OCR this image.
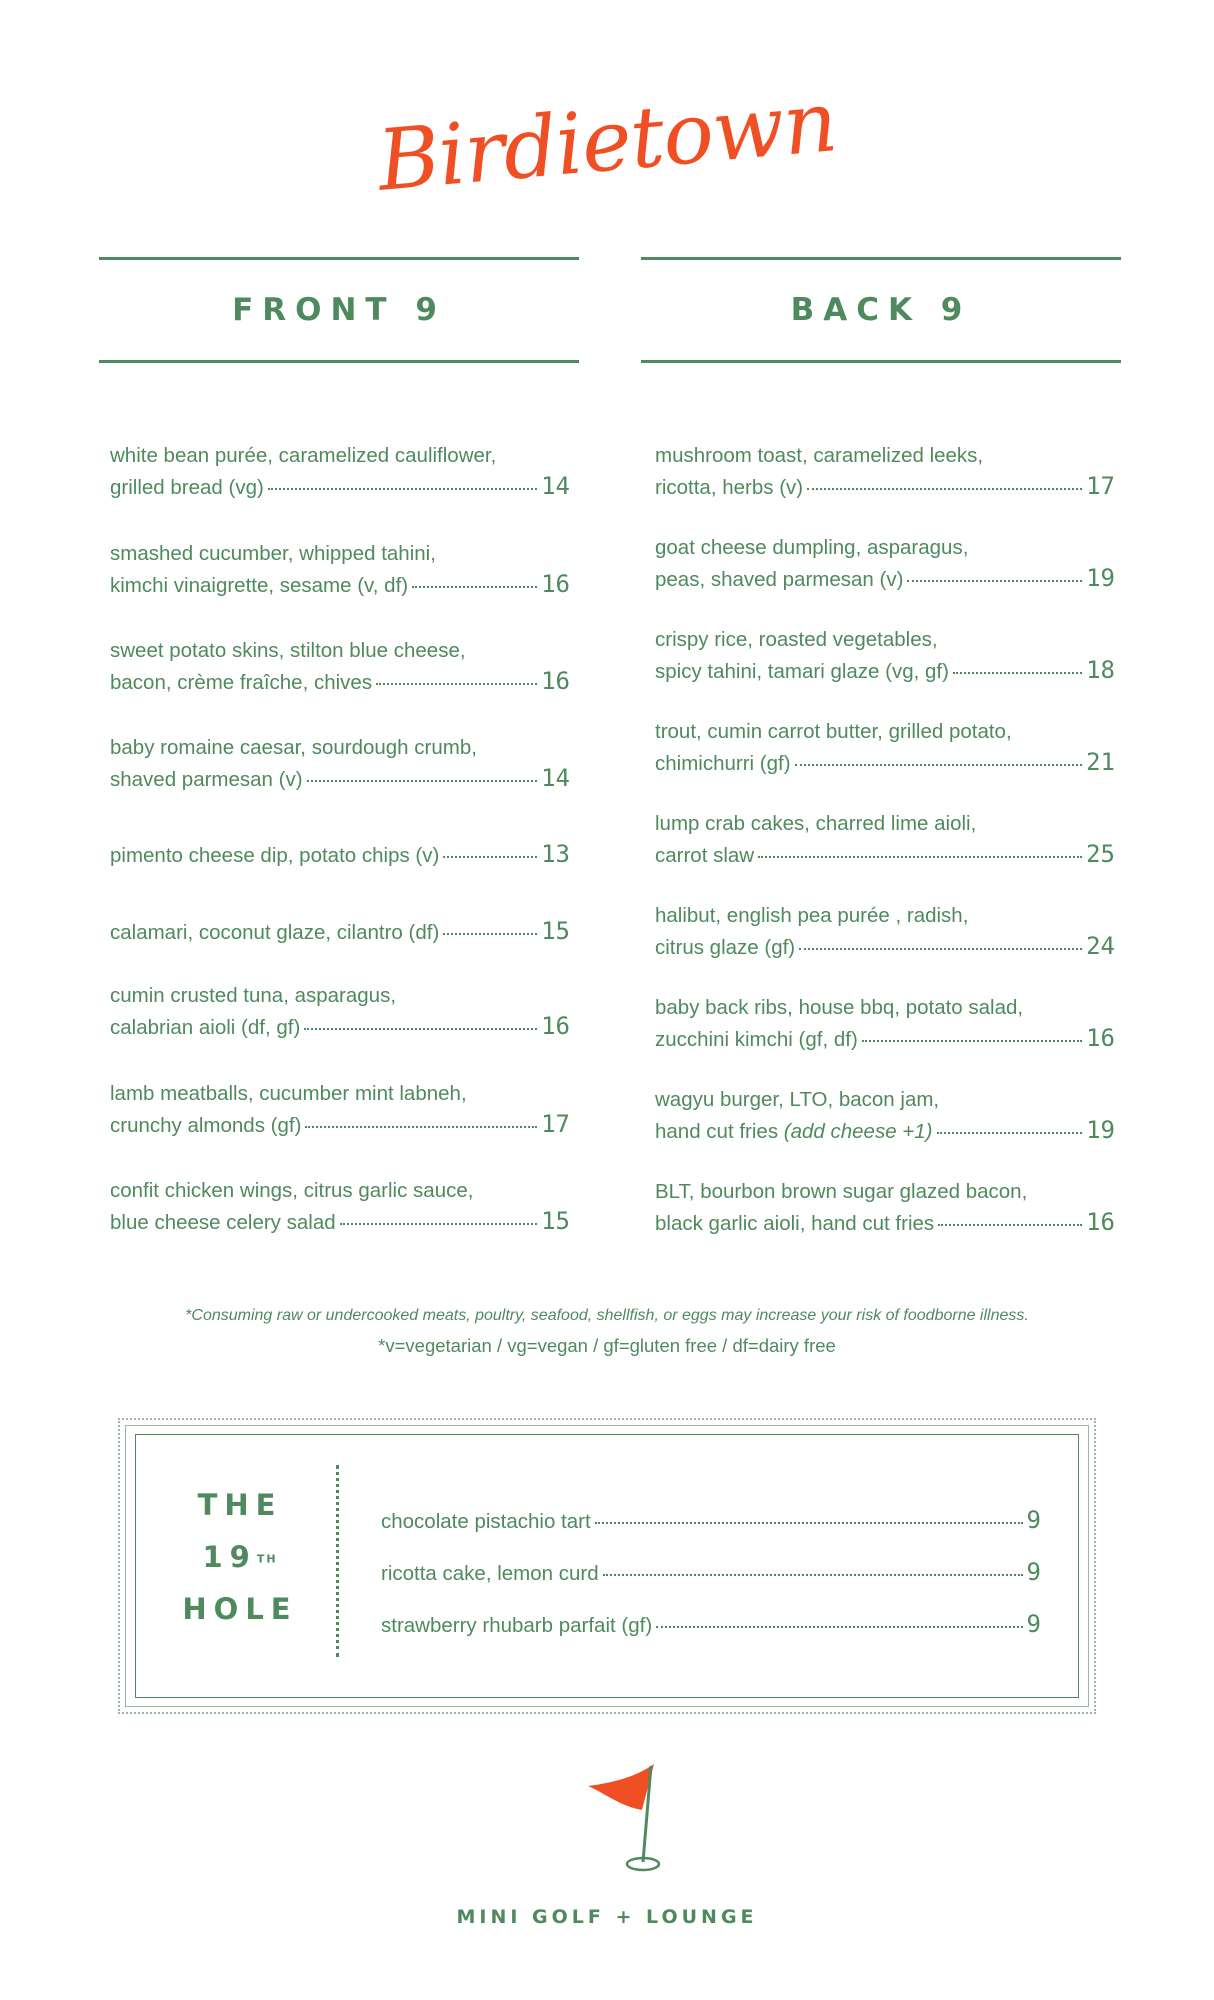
Birdietown
FRONT 9	BACK 9
white bean purée, caramelized cauliflower,
grilled bread (vg)	14
smashed cucumber, whipped tahini,
kimchi vinaigrette, sesame (v, df)	16
sweet potato skins, stilton blue cheese,
bacon, crème fraîche, chives	16
baby romaine caesar, sourdough crumb,
shaved parmesan (v)	14
pimento cheese dip, potato chips (v)	13
calamari, coconut glaze, cilantro (df)	15
cumin crusted tuna, asparagus,
calabrian aioli (df, gf)	16
lamb meatballs, cucumber mint labneh,
crunchy almonds (gf)	17
confit chicken wings, citrus garlic sauce,
blue cheese celery salad	15
mushroom toast, caramelized leeks,
ricotta, herbs (v)	17
goat cheese dumpling, asparagus,
peas, shaved parmesan (v)	19
crispy rice, roasted vegetables,
spicy tahini, tamari glaze (vg, gf)	18
trout, cumin carrot butter, grilled potato,
chimichurri (gf)	21
lump crab cakes, charred lime aioli,
carrot slaw	25
halibut, english pea purée , radish,
citrus glaze (gf)	24
baby back ribs, house bbq, potato salad,
zucchini kimchi (gf, df)	16
wagyu burger, LTO, bacon jam,
hand cut fries
(add cheese +1)	19
BLT, bourbon brown sugar glazed bacon,
black garlic aioli, hand cut fries	16
*Consuming raw or undercooked meats, poultry, seafood, shellfish, or eggs may increase your risk of foodborne illness.
*v=vegetarian / vg=vegan / gf=gluten free / df=dairy free
THE
19TH
HOLE
chocolate pistachio tart	9
ricotta cake, lemon curd	9
strawberry rhubarb parfait (gf)	9
MINI GOLF + LOUNGE
